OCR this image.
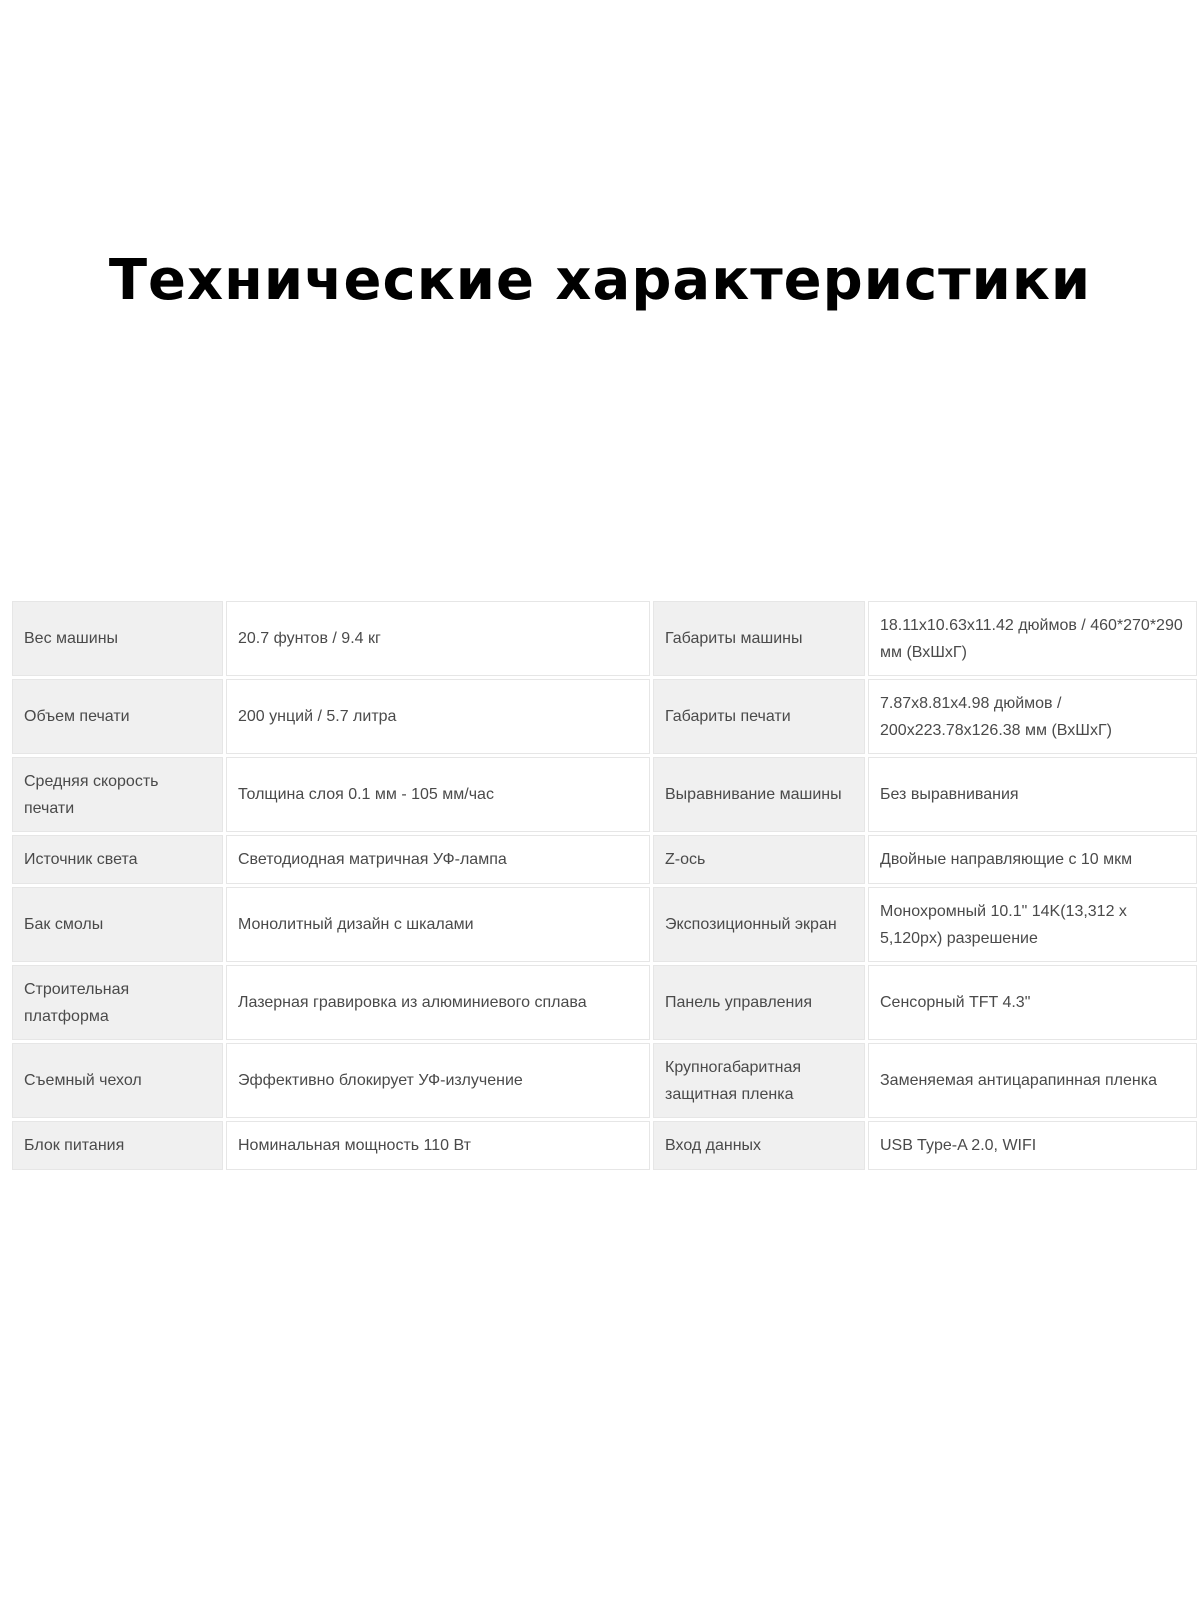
Технические характеристики
Вес машины	20.7 фунтов / 9.4 кг	Габариты машины	18.11x10.63x11.42 дюймов / 460*270*290 мм (ВхШхГ)
Объем печати	200 унций / 5.7 литра	Габариты печати	7.87x8.81x4.98 дюймов / 200x223.78x126.38 мм (ВхШхГ)
Средняя скорость печати	Толщина слоя 0.1 мм - 105 мм/час	Выравнивание машины	Без выравнивания
Источник света	Светодиодная матричная УФ-лампа	Z-ось	Двойные направляющие с 10 мкм
Бак смолы	Монолитный дизайн с шкалами	Экспозиционный экран	Монохромный 10.1" 14K(13,312 x 5,120px) разрешение
Строительная платформа	Лазерная гравировка из алюминиевого сплава	Панель управления	Сенсорный TFT 4.3"
Съемный чехол	Эффективно блокирует УФ-излучение	Крупногабаритная защитная пленка	Заменяемая антицарапинная пленка
Блок питания	Номинальная мощность 110 Вт	Вход данных	USB Type-A 2.0, WIFI
